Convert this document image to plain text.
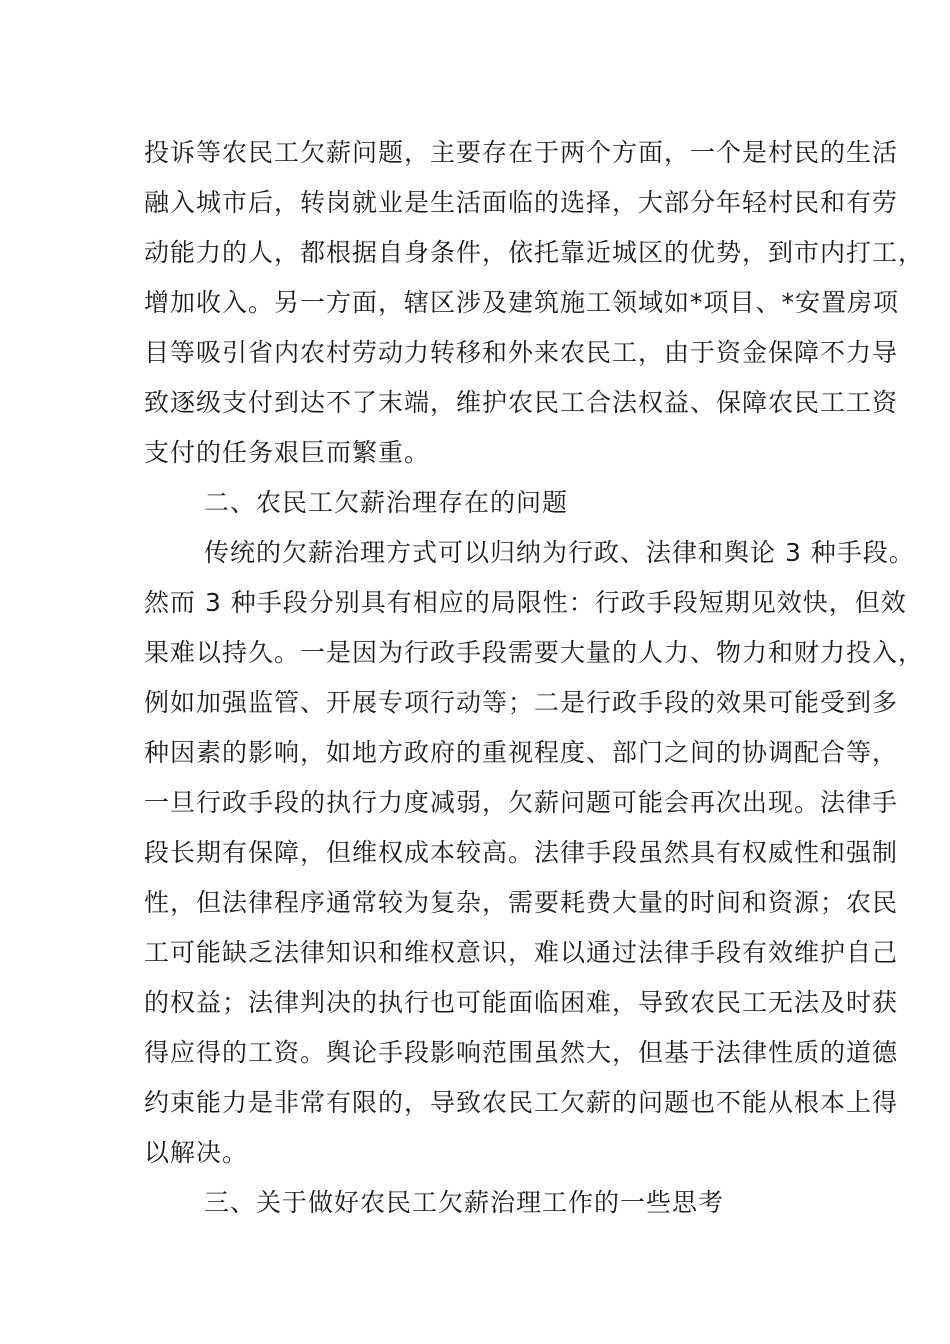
投诉等农民工欠薪问题，主要存在于两个方面，一个是村民的生活
融入城市后，转岗就业是生活面临的选择，大部分年轻村民和有劳
动能力的人，都根据自身条件，依托靠近城区的优势，到市内打工，
增加收入。另一方面，辖区涉及建筑施工领域如*项目、*安置房项
目等吸引省内农村劳动力转移和外来农民工，由于资金保障不力导
致逐级支付到达不了末端，维护农民工合法权益、保障农民工工资
支付的任务艰巨而繁重。
二、农民工欠薪治理存在的问题
传统的欠薪治理方式可以归纳为行政、法律和舆论 3 种手段。
然而 3 种手段分别具有相应的局限性：行政手段短期见效快，但效
果难以持久。一是因为行政手段需要大量的人力、物力和财力投入，
例如加强监管、开展专项行动等；二是行政手段的效果可能受到多
种因素的影响，如地方政府的重视程度、部门之间的协调配合等，
一旦行政手段的执行力度减弱，欠薪问题可能会再次出现。法律手
段长期有保障，但维权成本较高。法律手段虽然具有权威性和强制
性，但法律程序通常较为复杂，需要耗费大量的时间和资源；农民
工可能缺乏法律知识和维权意识，难以通过法律手段有效维护自己
的权益；法律判决的执行也可能面临困难，导致农民工无法及时获
得应得的工资。舆论手段影响范围虽然大，但基于法律性质的道德
约束能力是非常有限的，导致农民工欠薪的问题也不能从根本上得
以解决。
三、关于做好农民工欠薪治理工作的一些思考
